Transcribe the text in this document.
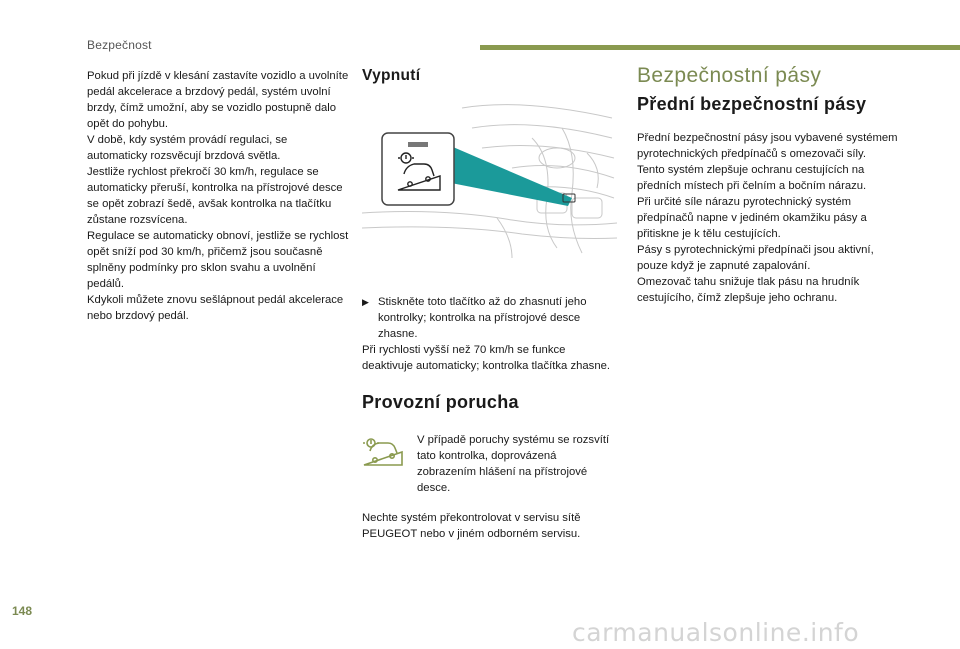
Bezpečnost

Pokud při jízdě v klesání zastavíte vozidlo a uvolníte pedál akcelerace a brzdový pedál, systém uvolní brzdy, čímž umožní, aby se vozidlo postupně dalo opět do pohybu.

V době, kdy systém provádí regulaci, se automaticky rozsvěcují brzdová světla.

Jestliže rychlost překročí 30 km/h, regulace se automaticky přeruší, kontrolka na přístrojové desce se opět zobrazí šedě, avšak kontrolka na tlačítku zůstane rozsvícena.

Regulace se automaticky obnoví, jestliže se rychlost opět sníží pod 30 km/h, přičemž jsou současně splněny podmínky pro sklon svahu a uvolnění pedálů.

Kdykoli můžete znovu sešlápnout pedál akcelerace nebo brzdový pedál.

Vypnutí
▶ Stiskněte toto tlačítko až do zhasnutí jeho kontrolky; kontrolka na přístrojové desce zhasne.

Při rychlosti vyšší než 70 km/h se funkce deaktivuje automaticky; kontrolka tlačítka zhasne.

Provozní porucha

V případě poruchy systému se rozsvítí tato kontrolka, doprovázená zobrazením hlášení na přístrojové desce.

Nechte systém překontrolovat v servisu sítě PEUGEOT nebo v jiném odborném servisu.

Bezpečnostní pásy
Přední bezpečnostní pásy

Přední bezpečnostní pásy jsou vybavené systémem pyrotechnických předpínačů s omezovači síly.

Tento systém zlepšuje ochranu cestujících na předních místech při čelním a bočním nárazu.

Při určité síle nárazu pyrotechnický systém předpínačů napne v jediném okamžiku pásy a přitiskne je k tělu cestujících.

Pásy s pyrotechnickými předpínači jsou aktivní, pouze když je zapnuté zapalování.

Omezovač tahu snižuje tlak pásu na hrudník cestujícího, čímž zlepšuje jeho ochranu.

148
carmanualsonline.info
